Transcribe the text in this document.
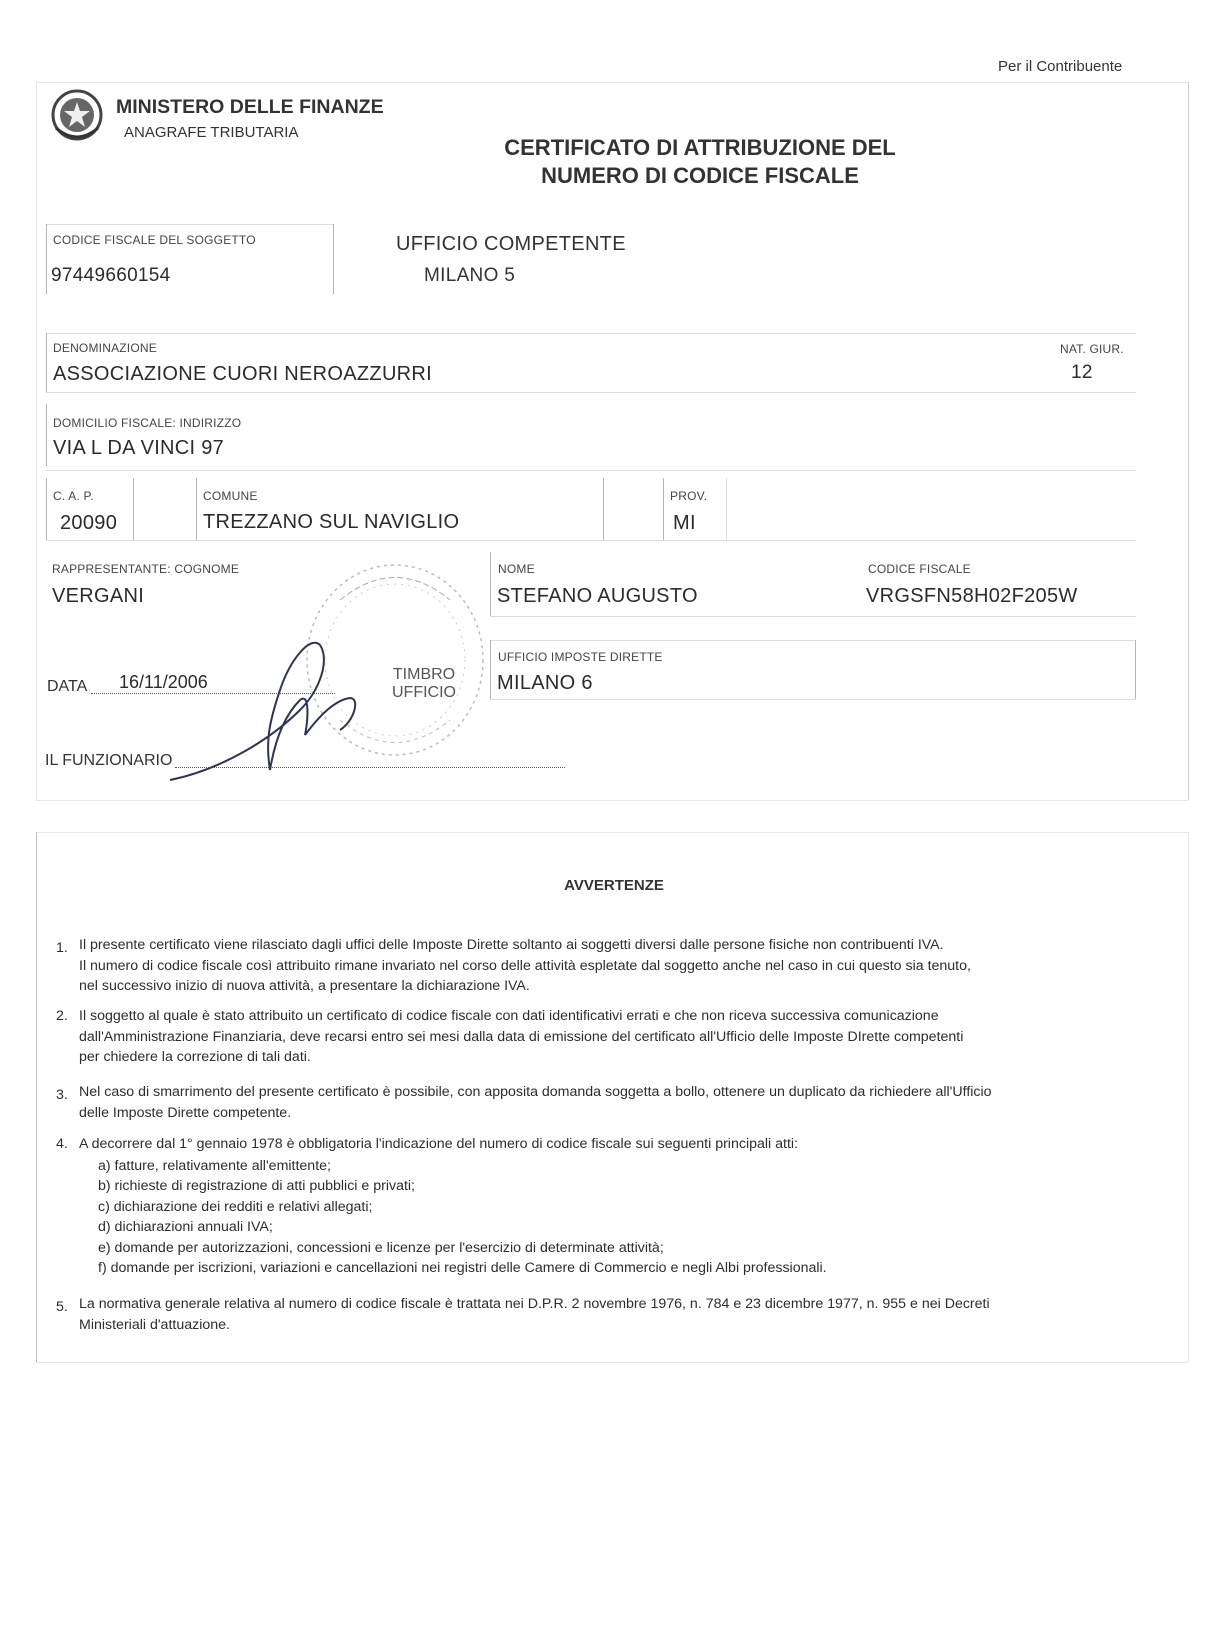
Per il Contribuente
MINISTERO DELLE FINANZE
ANAGRAFE TRIBUTARIA
CERTIFICATO DI ATTRIBUZIONE DEL
NUMERO DI CODICE FISCALE
CODICE FISCALE DEL SOGGETTO
97449660154
UFFICIO COMPETENTE
MILANO 5
DENOMINAZIONE
ASSOCIAZIONE CUORI NEROAZZURRI
NAT. GIUR.
12
DOMICILIO FISCALE: INDIRIZZO
VIA L DA VINCI 97
C. A. P.
20090
COMUNE
TREZZANO SUL NAVIGLIO
PROV.
MI
RAPPRESENTANTE: COGNOME
VERGANI
NOME
STEFANO AUGUSTO
CODICE FISCALE
VRGSFN58H02F205W
UFFICIO IMPOSTE DIRETTE
MILANO 6
DATA 16/11/2006	TIMBRO
UFFICIO
IL FUNZIONARIO
AVVERTENZE
1. Il presente certificato viene rilasciato dagli uffici delle Imposte Dirette soltanto ai soggetti diversi dalle persone fisiche non contribuenti IVA.
Il numero di codice fiscale così attribuito rimane invariato nel corso delle attività espletate dal soggetto anche nel caso in cui questo sia tenuto,
nel successivo inizio di nuova attività, a presentare la dichiarazione IVA.
2. Il soggetto al quale è stato attribuito un certificato di codice fiscale con dati identificativi errati e che non riceva successiva comunicazione
dall'Amministrazione Finanziaria, deve recarsi entro sei mesi dalla data di emissione del certificato all'Ufficio delle Imposte DIrette competenti
per chiedere la correzione di tali dati.
3. Nel caso di smarrimento del presente certificato è possibile, con apposita domanda soggetta a bollo, ottenere un duplicato da richiedere all'Ufficio
delle Imposte Dirette competente.
4. A decorrere dal 1° gennaio 1978 è obbligatoria l'indicazione del numero di codice fiscale sui seguenti principali atti:
a) fatture, relativamente all'emittente;
b) richieste di registrazione di atti pubblici e privati;
c) dichiarazione dei redditi e relativi allegati;
d) dichiarazioni annuali IVA;
e) domande per autorizzazioni, concessioni e licenze per l'esercizio di determinate attività;
f) domande per iscrizioni, variazioni e cancellazioni nei registri delle Camere di Commercio e negli Albi professionali.
5. La normativa generale relativa al numero di codice fiscale è trattata nei D.P.R. 2 novembre 1976, n. 784 e 23 dicembre 1977, n. 955 e nei Decreti
Ministeriali d'attuazione.
